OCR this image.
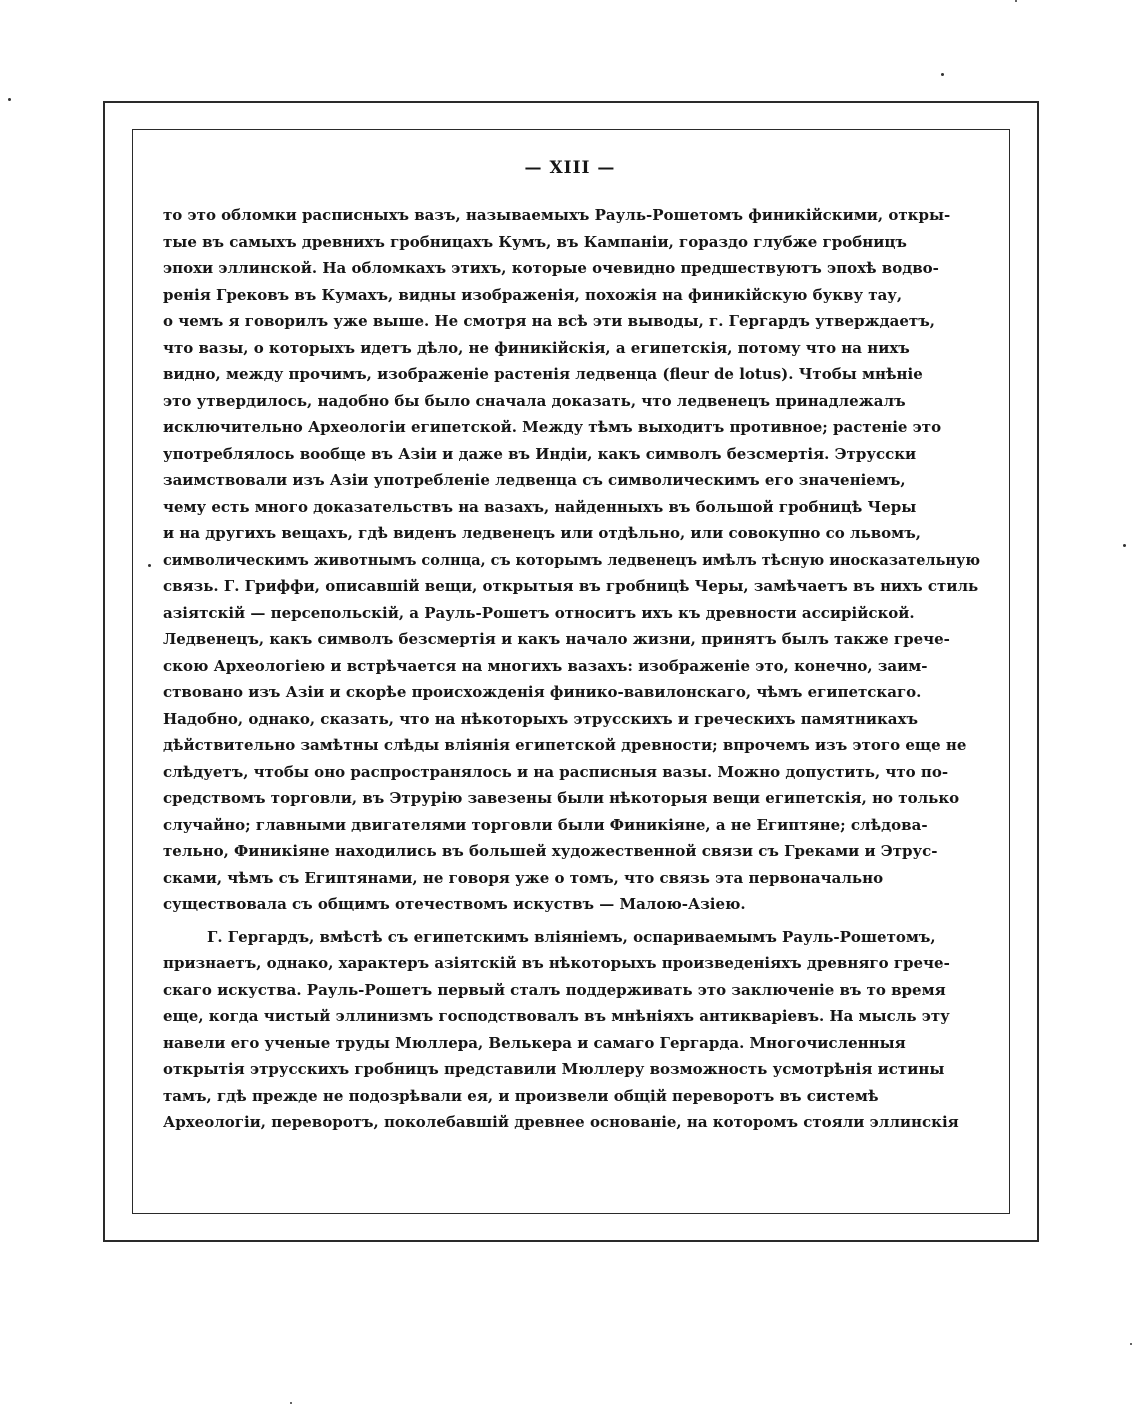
— XIII —
то это обломки расписныхъ вазъ, называемыхъ Рауль-Рошетомъ финикійскими, откры-
тые въ самыхъ древнихъ гробницахъ Кумъ, въ Кампаніи, гораздо глубже гробницъ
эпохи эллинской. На обломкахъ этихъ, которые очевидно предшествуютъ эпохѣ водво-
ренія Грековъ въ Кумахъ, видны изображенія, похожія на финикійскую букву тау,
о чемъ я говорилъ уже выше. Не смотря на всѣ эти выводы, г. Гергардъ утверждаетъ,
что вазы, о которыхъ идетъ дѣло, не финикійскія, а египетскія, потому что на нихъ
видно, между прочимъ, изображеніе растенія ледвенца (fleur de lotus). Чтобы мнѣніе
это утвердилось, надобно бы было сначала доказать, что ледвенецъ принадлежалъ
исключительно Археологіи египетской. Между тѣмъ выходитъ противное; растеніе это
употреблялось вообще въ Азіи и даже въ Индіи, какъ символъ безсмертія. Этрусски
заимствовали изъ Азіи употребленіе ледвенца съ символическимъ его значеніемъ,
чему есть много доказательствъ на вазахъ, найденныхъ въ большой гробницѣ Черы
и на другихъ вещахъ, гдѣ виденъ ледвенецъ или отдѣльно, или совокупно со львомъ,
символическимъ животнымъ солнца, съ которымъ ледвенецъ имѣлъ тѣсную иносказательную
связь. Г. Гриффи, описавшій вещи, открытыя въ гробницѣ Черы, замѣчаетъ въ нихъ стиль
азіятскій — персепольскій, а Рауль-Рошетъ относитъ ихъ къ древности ассирійской.
Ледвенецъ, какъ символъ безсмертія и какъ начало жизни, принятъ былъ также грече-
скою Археологіею и встрѣчается на многихъ вазахъ: изображеніе это, конечно, заим-
ствовано изъ Азіи и скорѣе происхожденія финико-вавилонскаго, чѣмъ египетскаго.
Надобно, однако, сказать, что на нѣкоторыхъ этрусскихъ и греческихъ памятникахъ
дѣйствительно замѣтны слѣды вліянія египетской древности; впрочемъ изъ этого еще не
слѣдуетъ, чтобы оно распространялось и на расписныя вазы. Можно допустить, что по-
средствомъ торговли, въ Этрурію завезены были нѣкоторыя вещи египетскія, но только
случайно; главными двигателями торговли были Финикіяне, а не Египтяне; слѣдова-
тельно, Финикіяне находились въ большей художественной связи съ Греками и Этрус-
сками, чѣмъ съ Египтянами, не говоря уже о томъ, что связь эта первоначально
существовала съ общимъ отечествомъ искуствъ — Малою-Азіею.
Г. Гергардъ, вмѣстѣ съ египетскимъ вліяніемъ, оспариваемымъ Рауль-Рошетомъ,
признаетъ, однако, характеръ азіятскій въ нѣкоторыхъ произведеніяхъ древняго грече-
скаго искуства. Рауль-Рошетъ первый сталъ поддерживать это заключеніе въ то время
еще, когда чистый эллинизмъ господствовалъ въ мнѣніяхъ антикваріевъ. На мысль эту
навели его ученые труды Мюллера, Велькера и самаго Гергарда. Многочисленныя
открытія этрусскихъ гробницъ представили Мюллеру возможность усмотрѣнія истины
тамъ, гдѣ прежде не подозрѣвали ея, и произвели общій переворотъ въ системѣ
Археологіи, переворотъ, поколебавшій древнее основаніе, на которомъ стояли эллинскія
